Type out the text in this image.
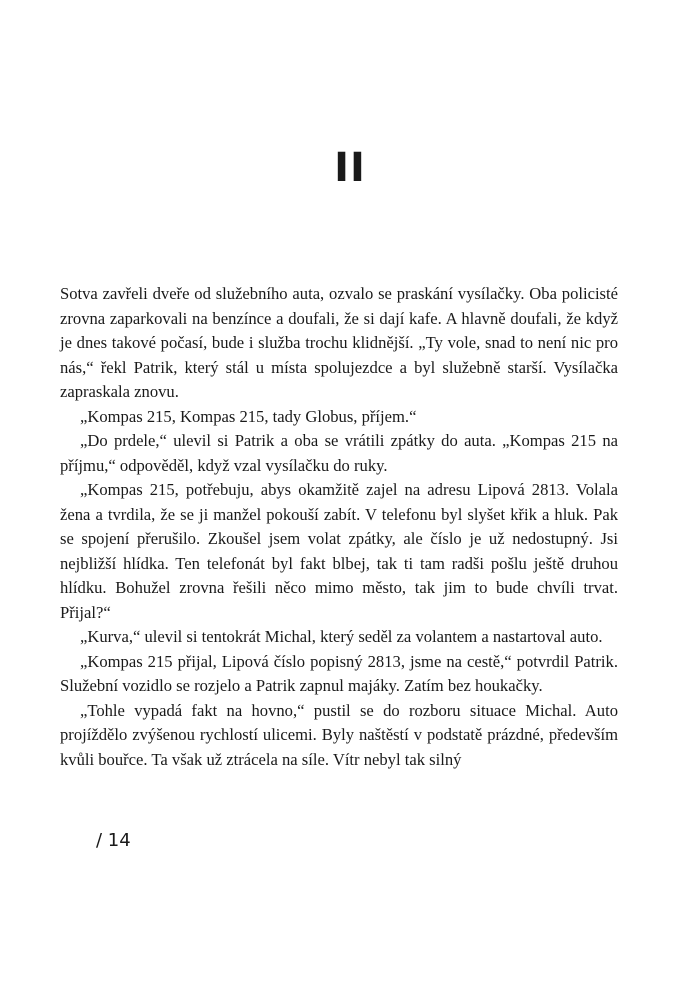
II

Sotva zavřeli dveře od služebního auta, ozvalo se praskání vysílačky. Oba policisté zrovna zaparkovali na benzínce a doufali, že si dají kafe. A hlavně doufali, že když je dnes takové počasí, bude i služba trochu klidnější. „Ty vole, snad to není nic pro nás,“ řekl Patrik, který stál u místa spolujezdce a byl služebně starší. Vysílačka zapraskala znovu.

„Kompas 215, Kompas 215, tady Globus, příjem.“

„Do prdele,“ ulevil si Patrik a oba se vrátili zpátky do auta. „Kompas 215 na příjmu,“ odpověděl, když vzal vysílačku do ruky.

„Kompas 215, potřebuju, abys okamžitě zajel na adresu Lipová 2813. Volala žena a tvrdila, že se ji manžel pokouší zabít. V telefonu byl slyšet křik a hluk. Pak se spojení přerušilo. Zkoušel jsem volat zpátky, ale číslo je už nedostupný. Jsi nejbližší hlídka. Ten telefonát byl fakt blbej, tak ti tam radši pošlu ještě druhou hlídku. Bohužel zrovna řešili něco mimo město, tak jim to bude chvíli trvat. Přijal?“

„Kurva,“ ulevil si tentokrát Michal, který seděl za volantem a nastartoval auto.

„Kompas 215 přijal, Lipová číslo popisný 2813, jsme na cestě,“ potvrdil Patrik. Služební vozidlo se rozjelo a Patrik zapnul majáky. Zatím bez houkačky.

„Tohle vypadá fakt na hovno,“ pustil se do rozboru situace Michal. Auto projíždělo zvýšenou rychlostí ulicemi. Byly naštěstí v podstatě prázdné, především kvůli bouřce. Ta však už ztrácela na síle. Vítr nebyl tak silný

/ 14
